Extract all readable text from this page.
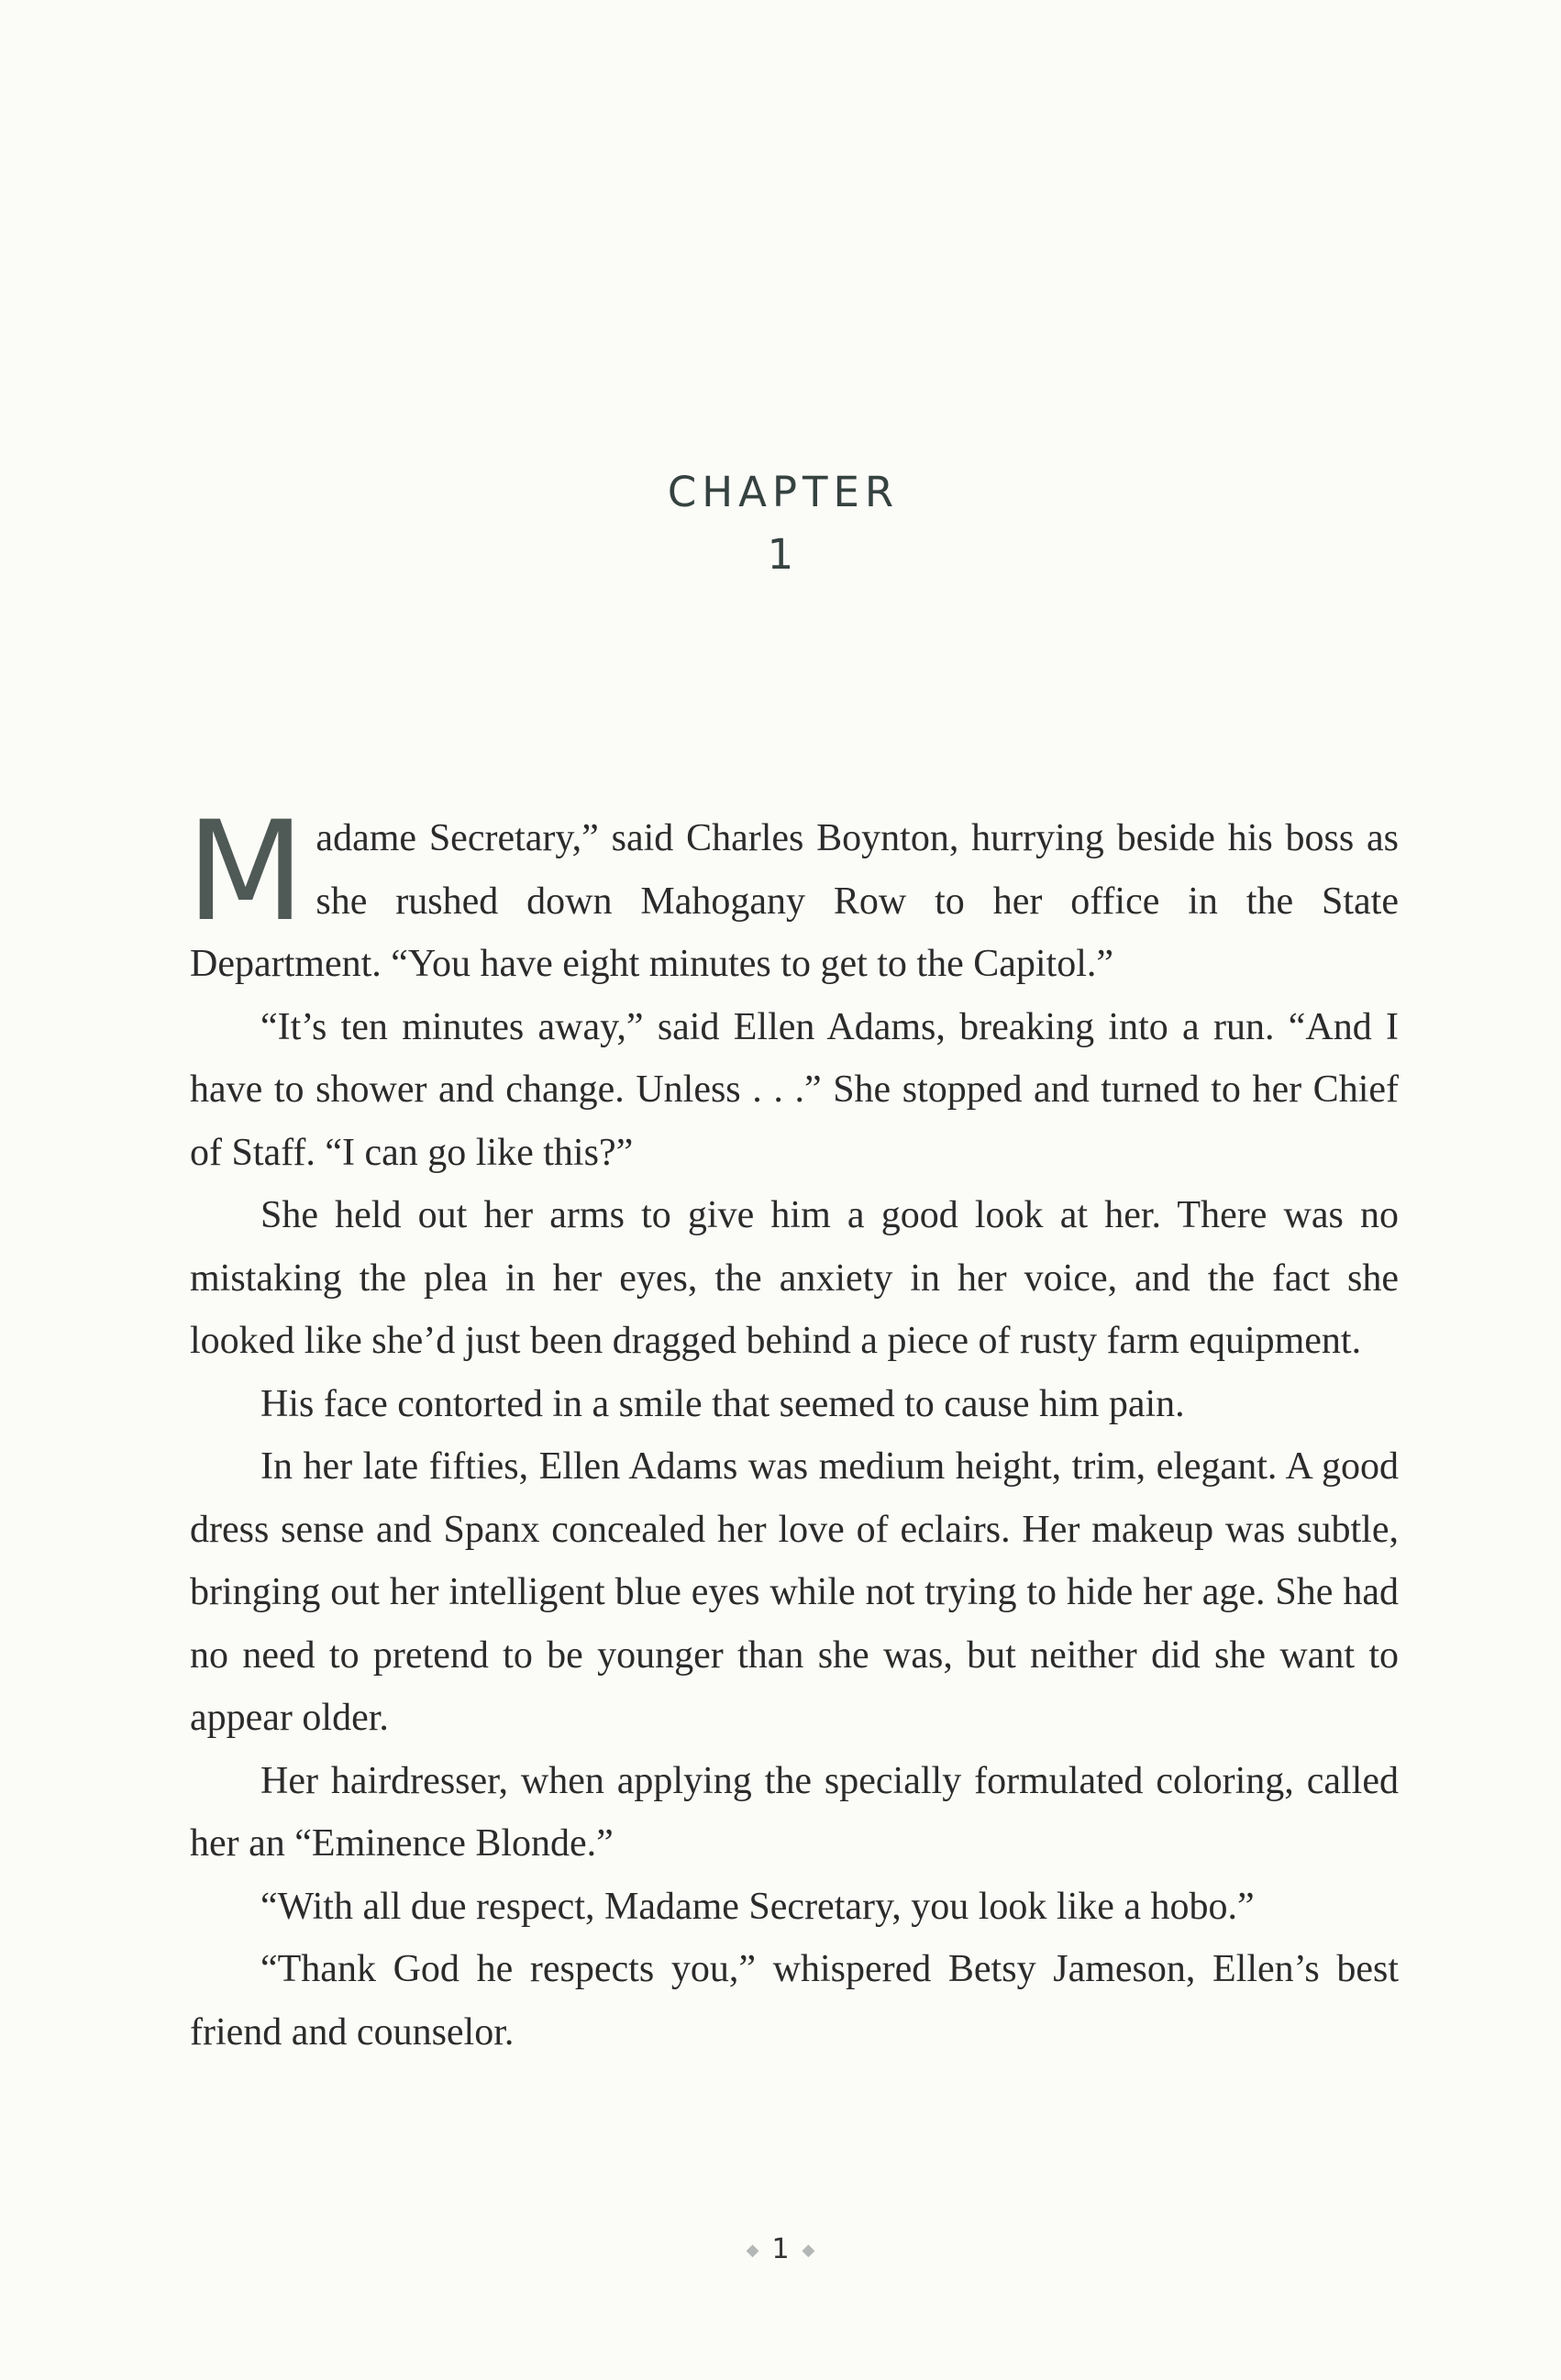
CHAPTER
1

Madame Secretary,” said Charles Boynton, hurrying beside his boss as she rushed down Mahogany Row to her office in the State Department. “You have eight minutes to get to the Capitol.”

“It’s ten minutes away,” said Ellen Adams, breaking into a run. “And I have to shower and change. Unless . . .” She stopped and turned to her Chief of Staff. “I can go like this?”

She held out her arms to give him a good look at her. There was no mistaking the plea in her eyes, the anxiety in her voice, and the fact she looked like she’d just been dragged behind a piece of rusty farm equipment.

His face contorted in a smile that seemed to cause him pain.

In her late fifties, Ellen Adams was medium height, trim, elegant. A good dress sense and Spanx concealed her love of eclairs. Her makeup was subtle, bringing out her intelligent blue eyes while not trying to hide her age. She had no need to pretend to be younger than she was, but neither did she want to appear older.

Her hairdresser, when applying the specially formulated coloring, called her an “Eminence Blonde.”

“With all due respect, Madame Secretary, you look like a hobo.”

“Thank God he respects you,” whispered Betsy Jameson, Ellen’s best friend and counselor.

◆ 1 ◆
